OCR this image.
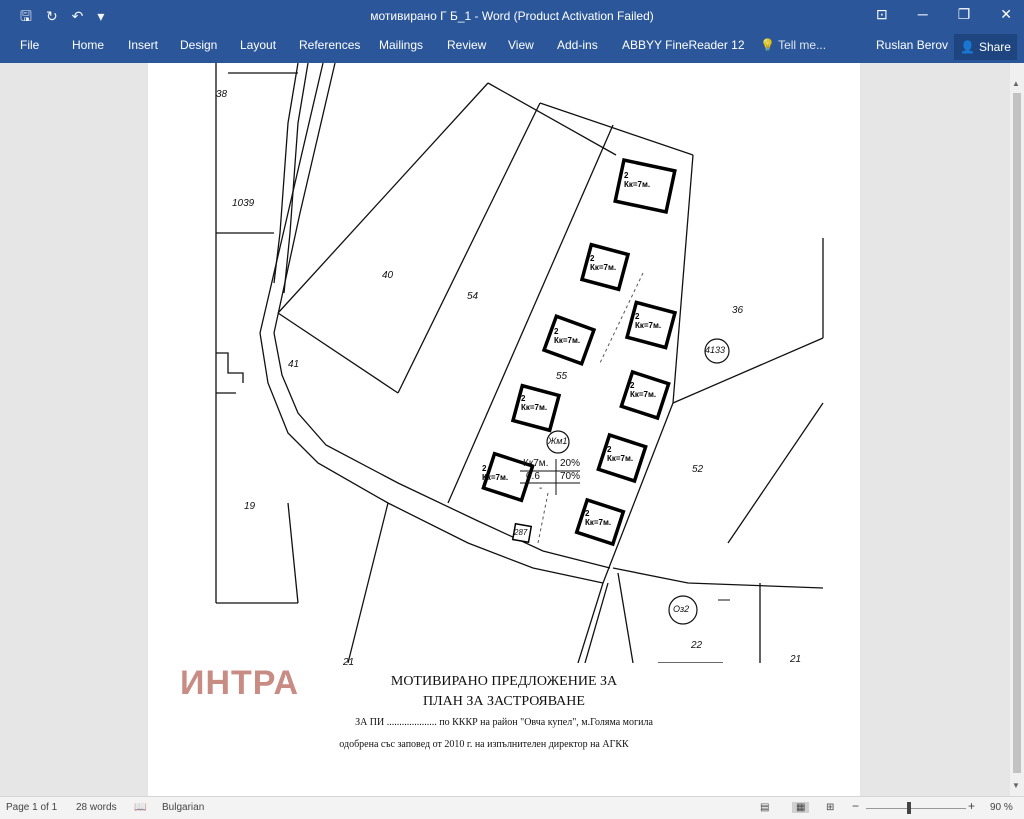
🖫 ↻ ↶ ▾	мотивирано Г Б_1 - Word (Product Activation Failed)	⊡ ─ ❐ ✕
File	Home Insert Design Layout References Mailings Review View Add-ins ABBYY FineReader 12 💡 Tell me...	Ruslan Berov 👤 Share
38
1039
40
54
41
55
36
4133
52
19
287
21
22
21
Оз2
Жм1
2
Кк=7м.
2
Кк=7м.
2
Кк=7м.
2
Кк=7м.
2
Кк=7м.
2
Кк=7м.
2
Кк=7м.
2
Кк=7м.
2
Кк=7м.
Кк7м. 20%
0.6 70%
-
ИНТРА	МОТИВИРАНО ПРЕДЛОЖЕНИЕ ЗА
ПЛАН ЗА ЗАСТРОЯВАНЕ
ЗА ПИ .................... по КККР на район "Овча купел", м.Голяма могила
одобрена със заповед от 2010 г. на изпълнителен директор на АГКК
▲
▼
Page 1 of 1 28 words 📖 Bulgarian	▤	▦	⊞ −	+ 90 %
